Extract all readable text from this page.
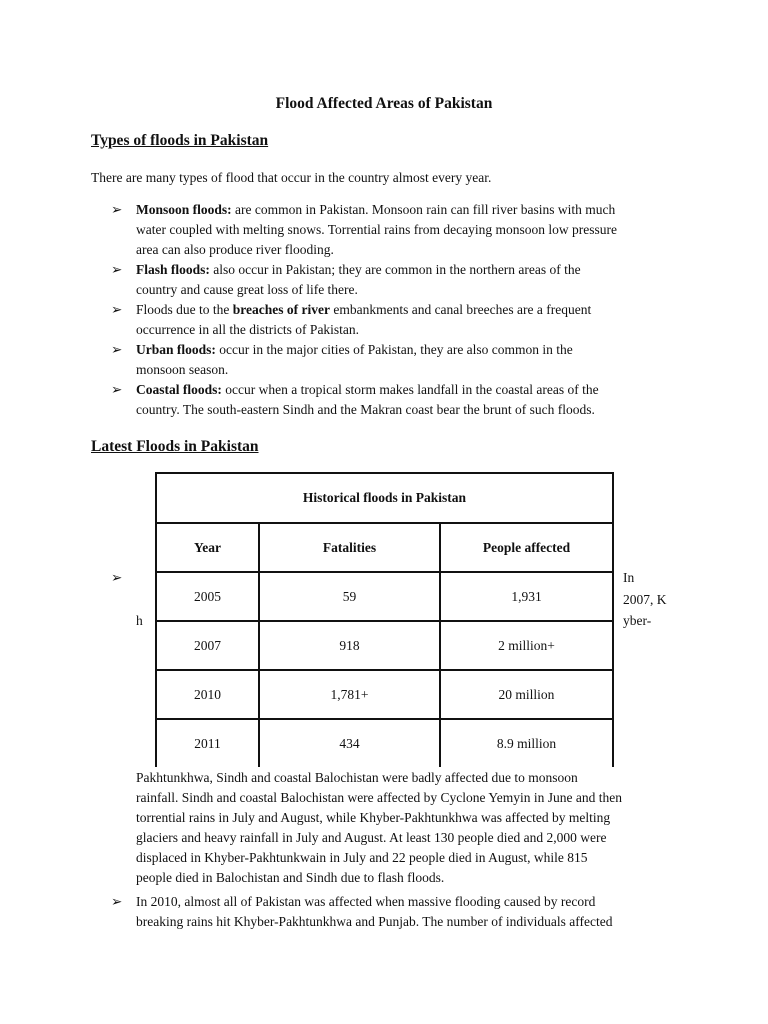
Flood Affected Areas of Pakistan
Types of floods in Pakistan

There are many types of flood that occur in the country almost every year.

➢ Monsoon floods: are common in Pakistan. Monsoon rain can fill river basins with much
water coupled with melting snows. Torrential rains from decaying monsoon low pressure
area can also produce river flooding.
➢ Flash floods: also occur in Pakistan; they are common in the northern areas of the
country and cause great loss of life there.
➢ Floods due to the breaches of river embankments and canal breeches are a frequent
occurrence in all the districts of Pakistan.
➢ Urban floods: occur in the major cities of Pakistan, they are also common in the
monsoon season.
➢ Coastal floods: occur when a tropical storm makes landfall in the coastal areas of the
country. The south-eastern Sindh and the Makran coast bear the brunt of such floods.
Latest Floods in Pakistan
Historical floods in Pakistan		
Year	Fatalities	People affected
2005	59	1,931
2007	918	2 million+
2010	1,781+	20 million
2011	434	8.9 million
➢
h
In
2007, K
yber-
Pakhtunkhwa, Sindh and coastal Balochistan were badly affected due to monsoon
rainfall. Sindh and coastal Balochistan were affected by Cyclone Yemyin in June and then
torrential rains in July and August, while Khyber-Pakhtunkhwa was affected by melting
glaciers and heavy rainfall in July and August. At least 130 people died and 2,000 were
displaced in Khyber-Pakhtunkwain in July and 22 people died in August, while 815
people died in Balochistan and Sindh due to flash floods.
➢ In 2010, almost all of Pakistan was affected when massive flooding caused by record
breaking rains hit Khyber-Pakhtunkhwa and Punjab. The number of individuals affected
